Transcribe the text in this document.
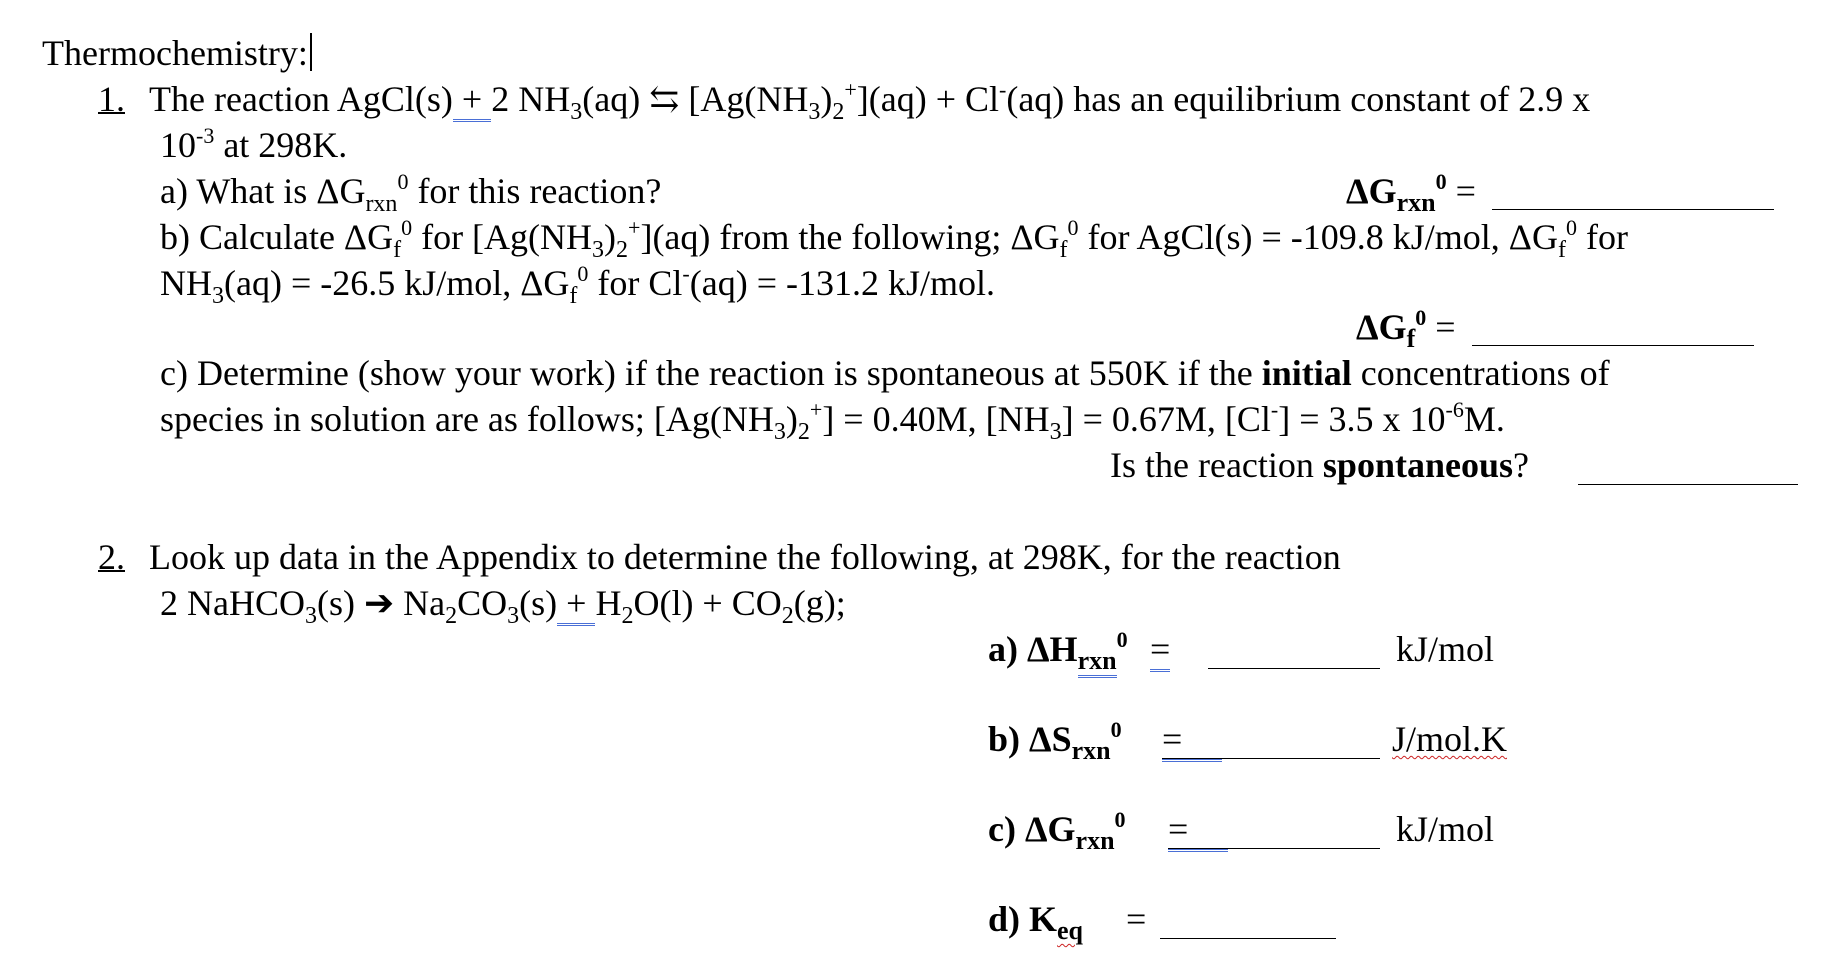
Thermochemistry:
1. The reaction AgCl(s) + 2 $NH_3(aq)$ ⇆ $[Ag(NH_3)_2^+](aq) + Cl^-(aq)$ has an equilibrium constant of 2.9 x
$10^{-3}$ at 298K.
a) What is $\Delta G_{rxn}^0$ for this reaction?	$\Delta G_{rxn}^0$ =
b) Calculate $\Delta G_f^0$ for $[Ag(NH_3)_2^+](aq)$ from the following; $\Delta G_f^0$ for AgCl(s) = -109.8 kJ/mol, $\Delta G_f^0$ for
$NH_3(aq) = -26.5$ kJ/mol, $\Delta G_f^0$ for Cl-(aq) = -131.2 kJ/mol.
$\Delta G_f^0$ =
c) Determine (show your work) if the reaction is spontaneous at 550K if the initial concentrations of
species in solution are as follows; $[Ag(NH_3)_2^+] = 0.40M$, $[NH_3] = 0.67M$, [Cl-] = 3.5 x $10^{-6}M$.
Is the reaction spontaneous?
2. Look up data in the Appendix to determine the following, at 298K, for the reaction
2 NaHCO$_3$(s) ➔ $Na_2CO_3(s) + H_2O(l) + CO_2(g)$;
a) $\Delta H_{rxn}^0$ =	kJ/mol
b) $\Delta S_{rxn}^0$ =	J/mol.K
c) $\Delta G_{rxn}^0$ =	kJ/mol
d) $K_{eq}$ =
